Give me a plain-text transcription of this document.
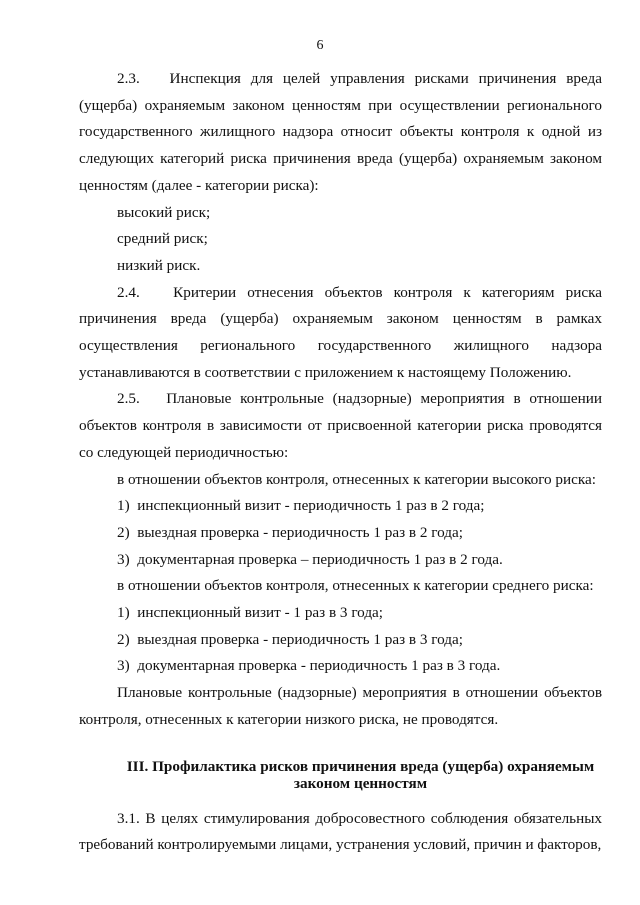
6

2.3.   Инспекция для целей управления рисками причинения вреда (ущерба) охраняемым законом ценностям при осуществлении регионального государственного жилищного надзора относит объекты контроля к одной из следующих категорий риска причинения вреда (ущерба) охраняемым законом ценностям (далее - категории риска):

высокий риск;

средний риск;

низкий риск.

2.4.   Критерии отнесения объектов контроля к категориям риска причинения вреда (ущерба) охраняемым законом ценностям в рамках осуществления регионального государственного жилищного надзора устанавливаются в соответствии с приложением к настоящему Положению.

2.5.   Плановые контрольные (надзорные) мероприятия в отношении объектов контроля в зависимости от присвоенной категории риска проводятся со следующей периодичностью:

в отношении объектов контроля, отнесенных к категории высокого риска:

1)  инспекционный визит - периодичность 1 раз в 2 года;

2)  выездная проверка - периодичность 1 раз в 2 года;

3)  документарная проверка – периодичность 1 раз в 2 года.

в отношении объектов контроля, отнесенных к категории среднего риска:

1)  инспекционный визит - 1 раз в 3 года;

2)  выездная проверка - периодичность 1 раз в 3 года;

3)  документарная проверка - периодичность 1 раз в 3 года.

Плановые контрольные (надзорные) мероприятия в отношении объектов контроля, отнесенных к категории низкого риска, не проводятся.

III. Профилактика рисков причинения вреда (ущерба) охраняемым

законом ценностям

3.1. В целях стимулирования добросовестного соблюдения обязательных требований контролируемыми лицами, устранения условий, причин и факторов,
